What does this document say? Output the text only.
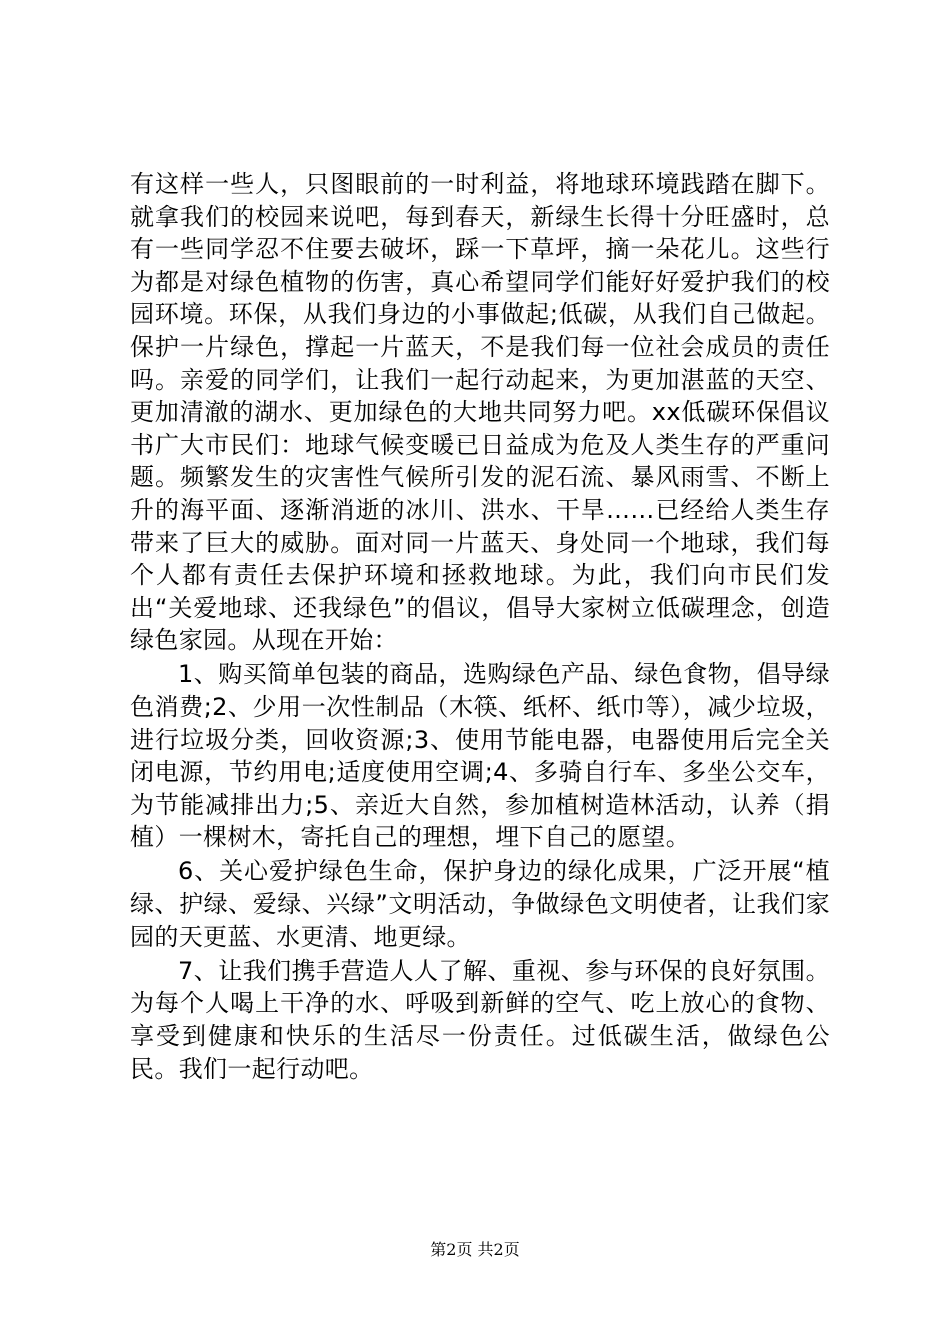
有这样一些人，只图眼前的一时利益，将地球环境践踏在脚下。就拿我们的校园来说吧，每到春天，新绿生长得十分旺盛时，总有一些同学忍不住要去破坏，踩一下草坪，摘一朵花儿。这些行为都是对绿色植物的伤害，真心希望同学们能好好爱护我们的校园环境。环保，从我们身边的小事做起;低碳，从我们自己做起。保护一片绿色，撑起一片蓝天，不是我们每一位社会成员的责任吗。亲爱的同学们，让我们一起行动起来，为更加湛蓝的天空、更加清澈的湖水、更加绿色的大地共同努力吧。xx低碳环保倡议书广大市民们：地球气候变暖已日益成为危及人类生存的严重问题。频繁发生的灾害性气候所引发的泥石流、暴风雨雪、不断上升的海平面、逐渐消逝的冰川、洪水、干旱……已经给人类生存带来了巨大的威胁。面对同一片蓝天、身处同一个地球，我们每个人都有责任去保护环境和拯救地球。为此，我们向市民们发出“关爱地球、还我绿色”的倡议，倡导大家树立低碳理念，创造绿色家园。从现在开始：

1、购买简单包装的商品，选购绿色产品、绿色食物，倡导绿色消费;2、少用一次性制品（木筷、纸杯、纸巾等），减少垃圾，进行垃圾分类，回收资源;3、使用节能电器，电器使用后完全关闭电源，节约用电;适度使用空调;4、多骑自行车、多坐公交车，为节能减排出力;5、亲近大自然，参加植树造林活动，认养（捐植）一棵树木，寄托自己的理想，埋下自己的愿望。

6、关心爱护绿色生命，保护身边的绿化成果，广泛开展“植绿、护绿、爱绿、兴绿”文明活动，争做绿色文明使者，让我们家园的天更蓝、水更清、地更绿。

7、让我们携手营造人人了解、重视、参与环保的良好氛围。为每个人喝上干净的水、呼吸到新鲜的空气、吃上放心的食物、享受到健康和快乐的生活尽一份责任。过低碳生活，做绿色公民。我们一起行动吧。

第2页 共2页
